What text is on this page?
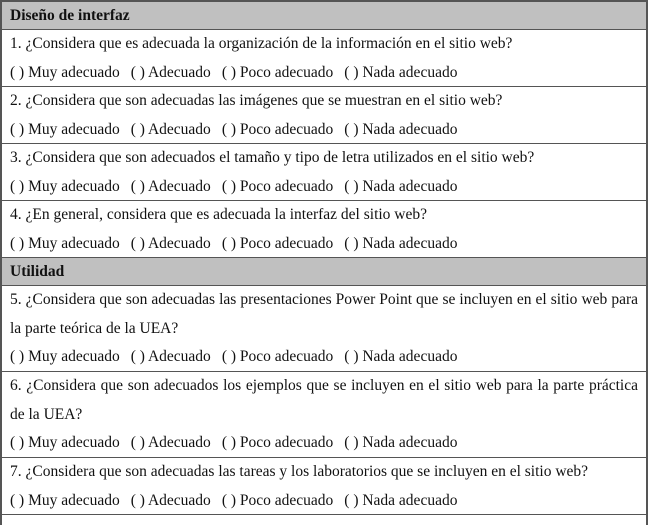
Diseño de interfaz
1. ¿Considera que es adecuada la organización de la información en el sitio web?
( ) Muy adecuado ( ) Adecuado ( ) Poco adecuado ( ) Nada adecuado
2. ¿Considera que son adecuadas las imágenes que se muestran en el sitio web?
( ) Muy adecuado ( ) Adecuado ( ) Poco adecuado ( ) Nada adecuado
3. ¿Considera que son adecuados el tamaño y tipo de letra utilizados en el sitio web?
( ) Muy adecuado ( ) Adecuado ( ) Poco adecuado ( ) Nada adecuado
4. ¿En general, considera que es adecuada la interfaz del sitio web?
( ) Muy adecuado ( ) Adecuado ( ) Poco adecuado ( ) Nada adecuado
Utilidad
5. ¿Considera que son adecuadas las presentaciones Power Point que se incluyen en el sitio web para la parte teórica de la UEA?
( ) Muy adecuado ( ) Adecuado ( ) Poco adecuado ( ) Nada adecuado
6. ¿Considera que son adecuados los ejemplos que se incluyen en el sitio web para la parte práctica de la UEA?
( ) Muy adecuado ( ) Adecuado ( ) Poco adecuado ( ) Nada adecuado
7. ¿Considera que son adecuadas las tareas y los laboratorios que se incluyen en el sitio web?
( ) Muy adecuado ( ) Adecuado ( ) Poco adecuado ( ) Nada adecuado
